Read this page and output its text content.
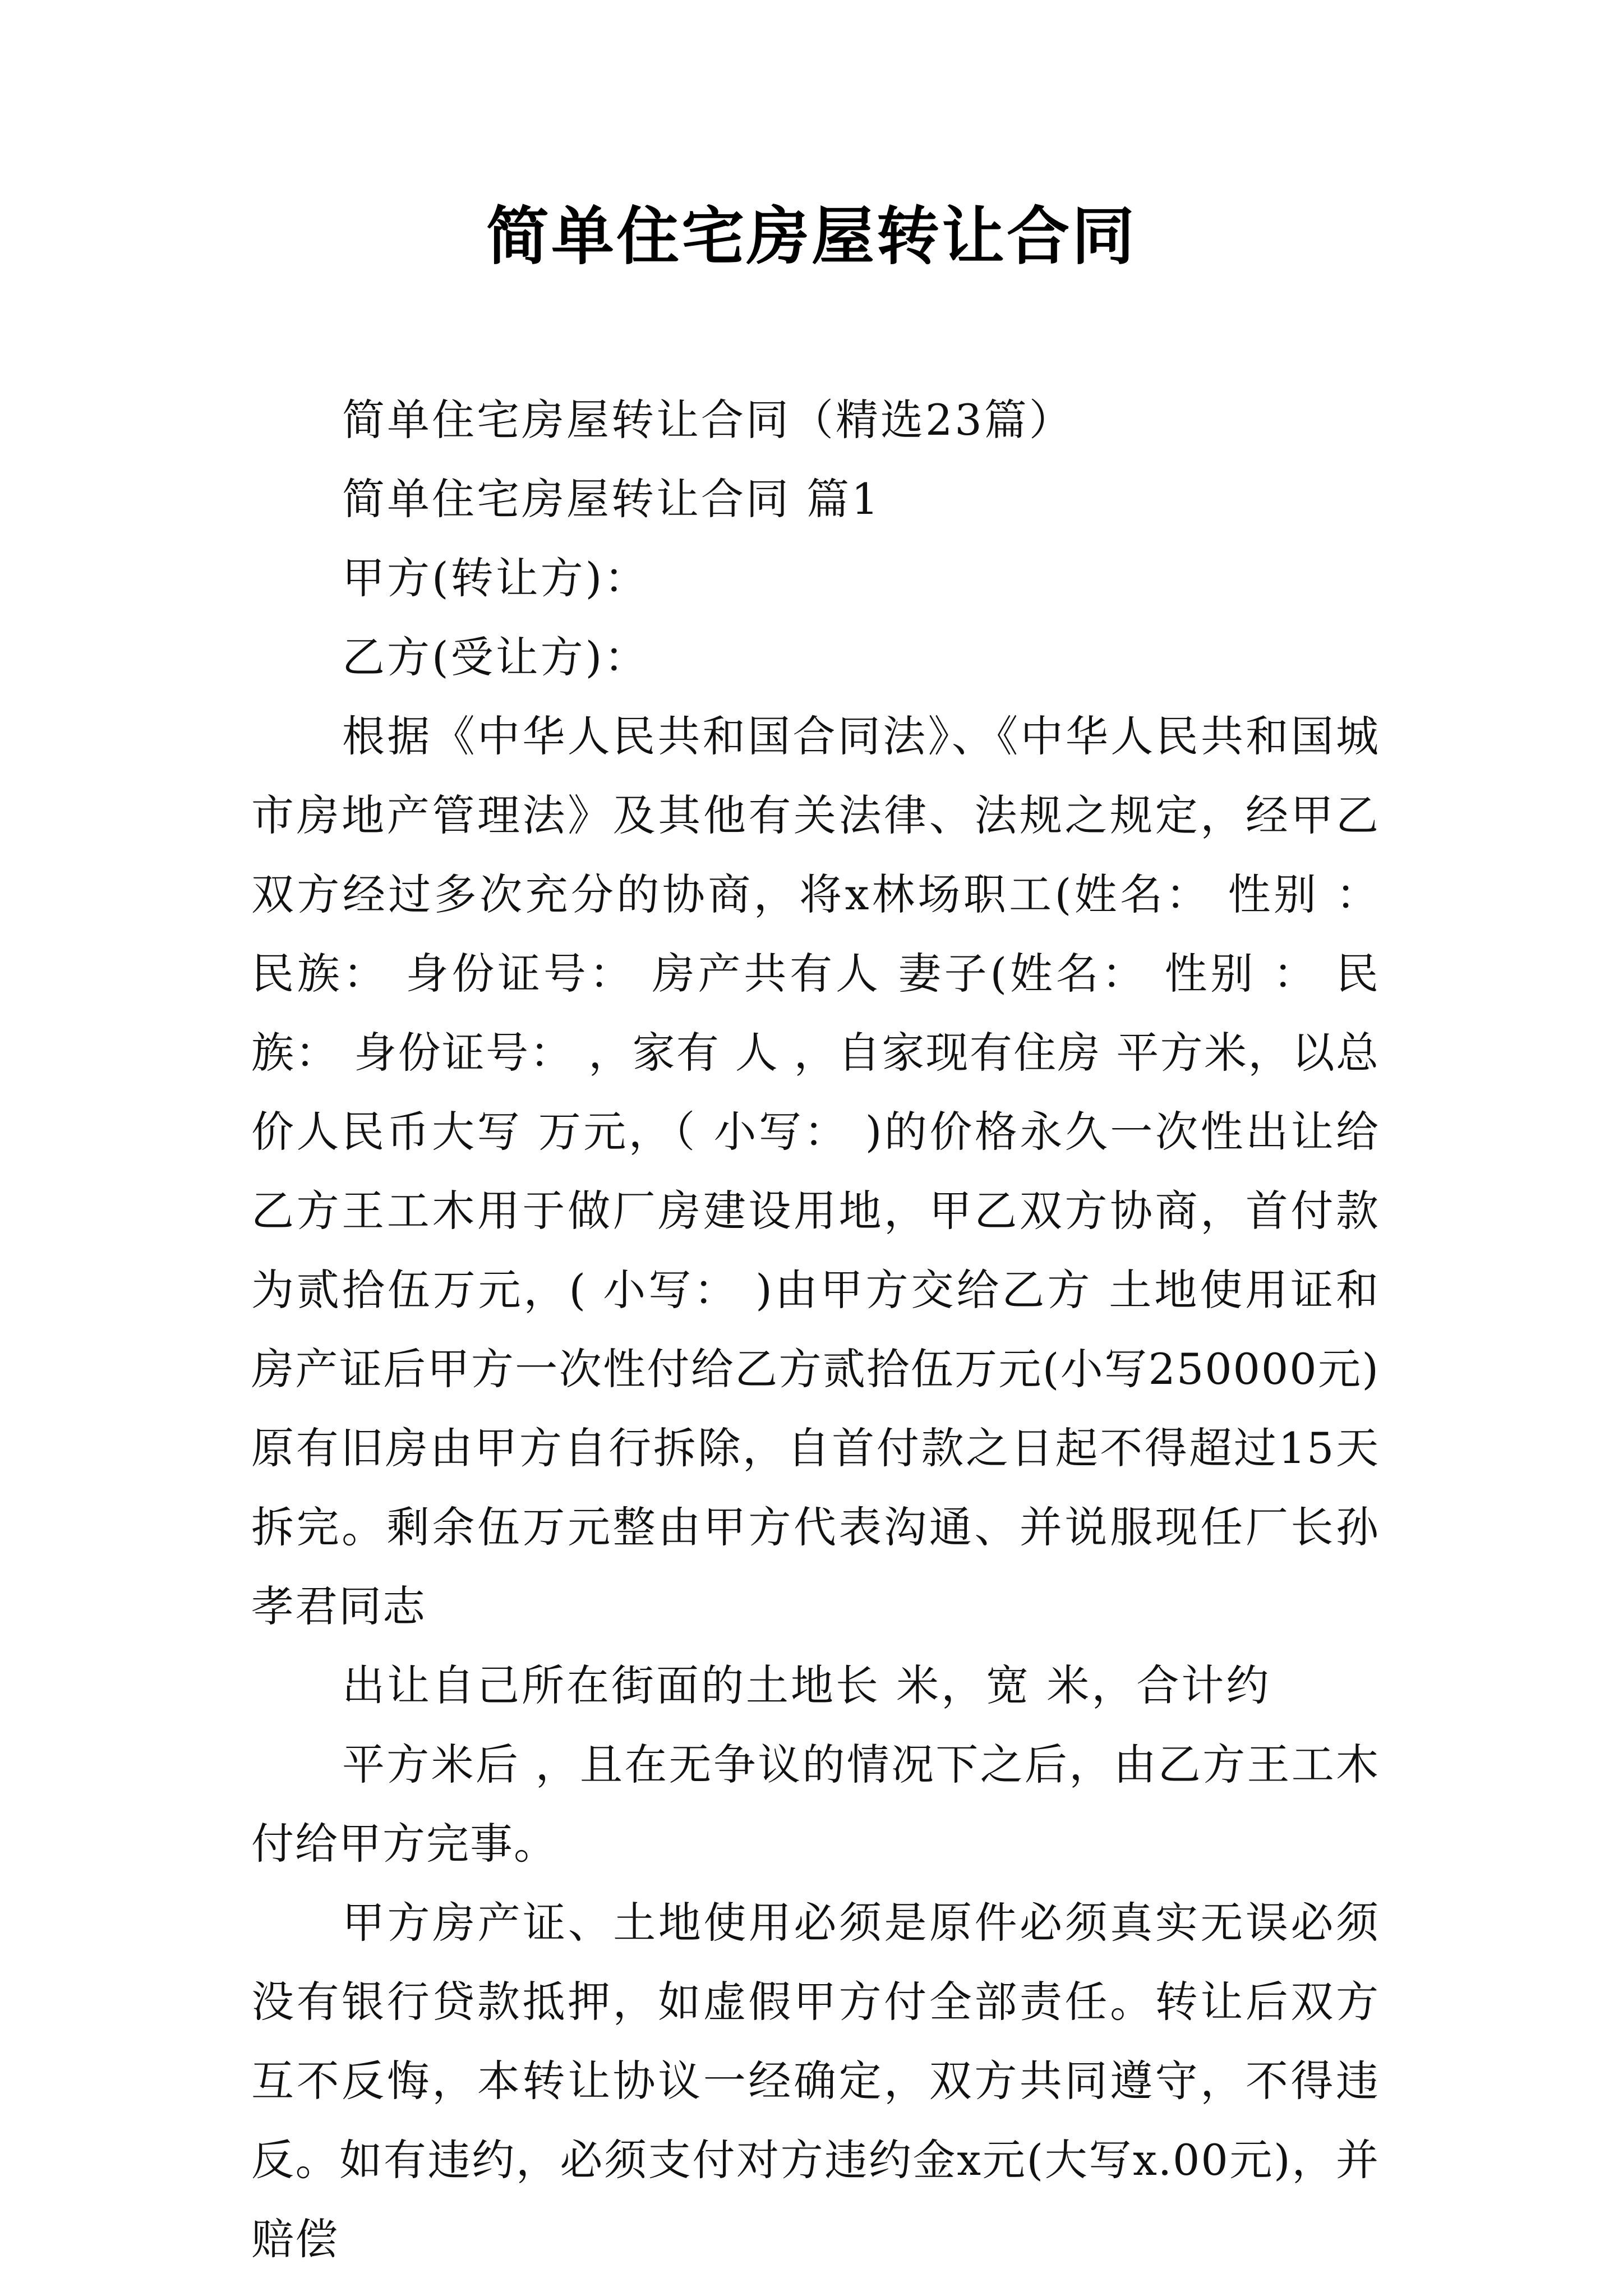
简单住宅房屋转让合同

简单住宅房屋转让合同（精选23篇）

简单住宅房屋转让合同 篇1

甲方(转让方)：

乙方(受让方)：

根据《中华人民共和国合同法》、《中华人民共和国城市房地产管理法》及其他有关法律、法规之规定，经甲乙双方经过多次充分的协商，将x林场职工(姓名： 性别 ： 民族： 身份证号： 房产共有人 妻子(姓名： 性别 ： 民族： 身份证号： ，家有 人 ，自家现有住房 平方米，以总价人民币大写 万元，（ 小写： )的价格永久一次性出让给乙方王工木用于做厂房建设用地，甲乙双方协商，首付款为贰拾伍万元，( 小写： )由甲方交给乙方 土地使用证和房产证后甲方一次性付给乙方贰拾伍万元(小写250000元)原有旧房由甲方自行拆除，自首付款之日起不得超过15天拆完。剩余伍万元整由甲方代表沟通、并说服现任厂长孙孝君同志

出让自己所在街面的土地长 米，宽 米，合计约

平方米后 ，且在无争议的情况下之后，由乙方王工木付给甲方完事。

甲方房产证、土地使用必须是原件必须真实无误必须没有银行贷款抵押，如虚假甲方付全部责任。转让后双方互不反悔，本转让协议一经确定，双方共同遵守，不得违反。如有违约，必须支付对方违约金x元(大写x.00元)，并赔偿
